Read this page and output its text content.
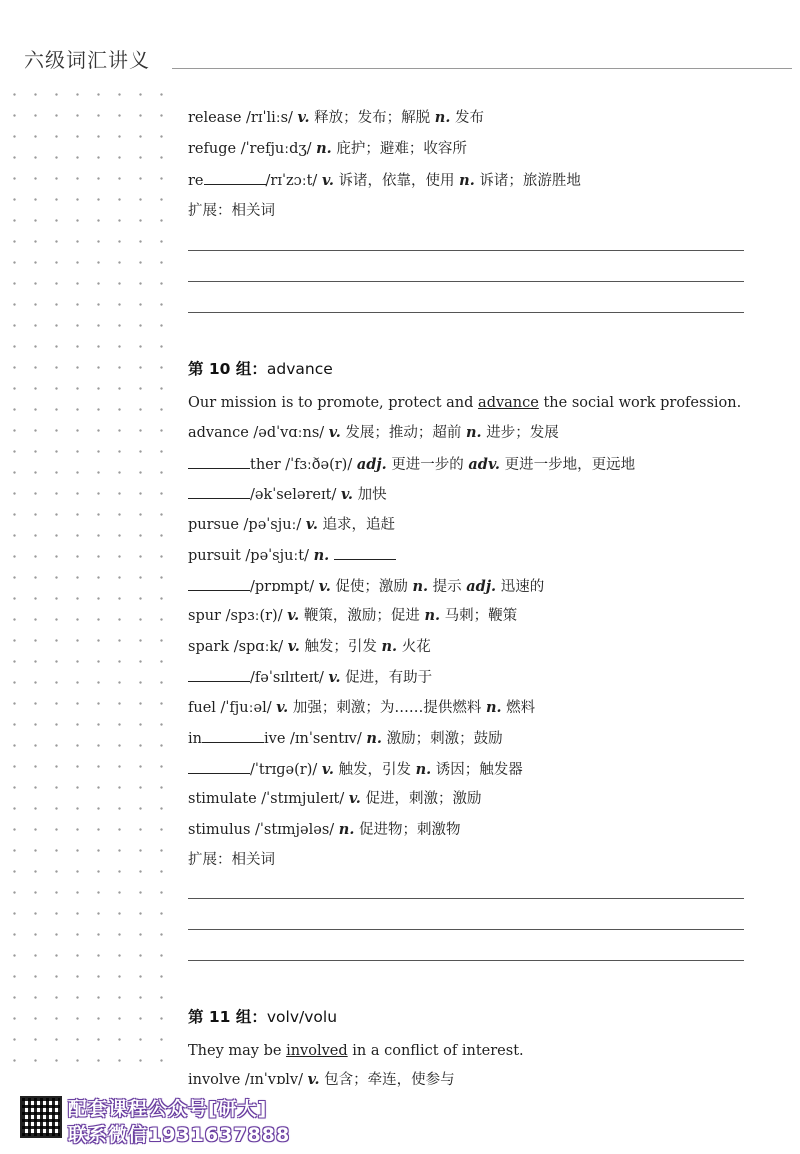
六级词汇讲义
release /rɪˈliːs/ v. 释放；发布；解脱 n. 发布
refuge /ˈrefjuːdʒ/ n. 庇护；避难；收容所
re	/rɪˈzɔːt/ v. 诉诸，依靠，使用 n. 诉诸；旅游胜地
扩展：相关词
第 10 组：advance
Our mission is to promote, protect and advance the social work profession.
advance /ədˈvɑːns/ v. 发展；推动；超前 n. 进步；发展
ther /ˈfɜːðə(r)/ adj. 更进一步的 adv. 更进一步地，更远地
/əkˈseləreɪt/ v. 加快
pursue /pəˈsjuː/ v. 追求，追赶
pursuit /pəˈsjuːt/ n.
/prɒmpt/ v. 促使；激励 n. 提示 adj. 迅速的
spur /spɜː(r)/ v. 鞭策，激励；促进 n. 马刺；鞭策
spark /spɑːk/ v. 触发；引发 n. 火花
/fəˈsɪlɪteɪt/ v. 促进，有助于
fuel /ˈfjuːəl/ v. 加强；刺激；为……提供燃料 n. 燃料
in	ive /ɪnˈsentɪv/ n. 激励；刺激；鼓励
/ˈtrɪɡə(r)/ v. 触发，引发 n. 诱因；触发器
stimulate /ˈstɪmjuleɪt/ v. 促进，刺激；激励
stimulus /ˈstɪmjələs/ n. 促进物；刺激物
扩展：相关词
第 11 组：volv/volu
They may be involved in a conflict of interest.
involve /ɪnˈvɒlv/ v. 包含；牵连，使参与
配套课程公众号[研大]
联系微信1931637888
